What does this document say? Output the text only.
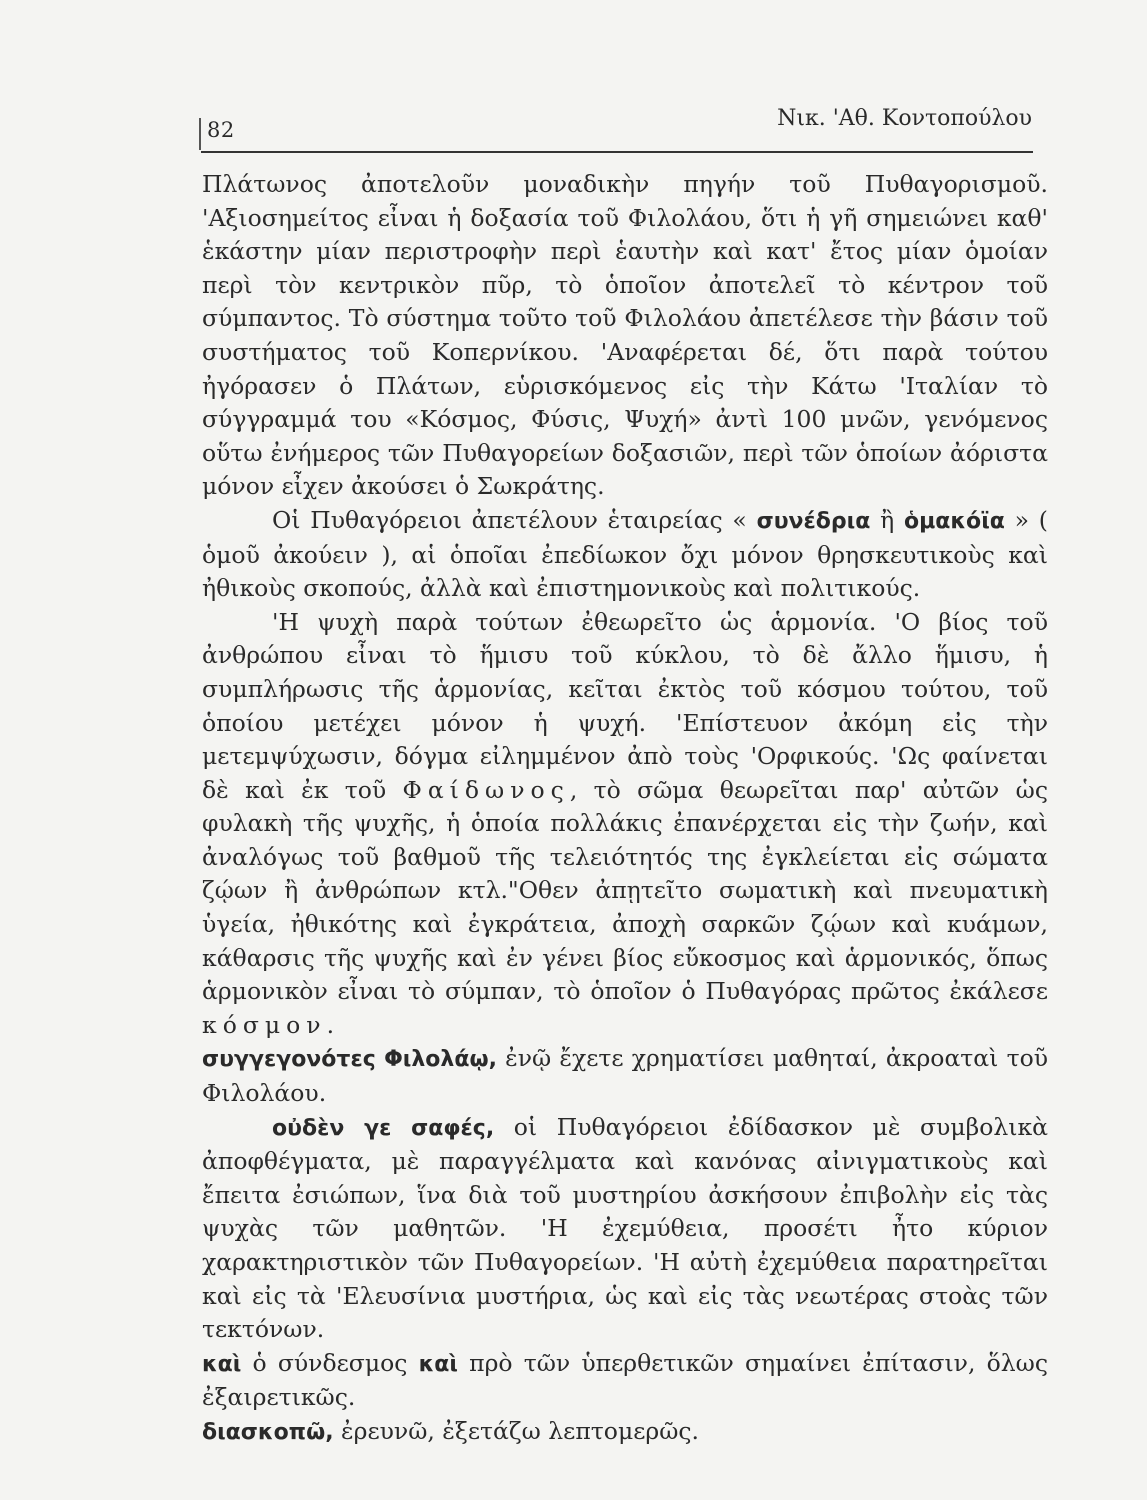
82	Νικ. 'Αθ. Κοντοπούλου

Πλάτωνος ἀποτελοῦν μοναδικὴν πηγήν τοῦ Πυθαγορισμοῦ. 'Αξιοσημείτος εἶναι ἡ δοξασία τοῦ Φιλολάου, ὅτι ἡ γῆ σημειώνει καθ' ἑκάστην μίαν περιστροφὴν περὶ ἑαυτὴν καὶ κατ' ἔτος μίαν ὁμοίαν περὶ τὸν κεντρικὸν πῦρ, τὸ ὁποῖον ἀποτελεῖ τὸ κέντρον τοῦ σύμπαντος. Τὸ σύστημα τοῦτο τοῦ Φιλολάου ἀπετέλεσε τὴν βάσιν τοῦ συστήματος τοῦ Κοπερνίκου. 'Αναφέρεται δέ, ὅτι παρὰ τούτου ἠγόρασεν ὁ Πλάτων, εὑρισκόμενος εἰς τὴν Κάτω 'Ιταλίαν τὸ σύγγραμμά του «Κόσμος, Φύσις, Ψυχή» ἀντὶ 100 μνῶν, γενόμενος οὕτω ἐνήμερος τῶν Πυθαγορείων δοξασιῶν, περὶ τῶν ὁποίων ἀόριστα μόνον εἶχεν ἀκούσει ὁ Σωκράτης.

Οἱ Πυθαγόρειοι ἀπετέλουν ἑταιρείας « συνέδρια ἢ ὁμακόϊα » ( ὁμοῦ ἀκούειν ), αἱ ὁποῖαι ἐπεδίωκον ὄχι μόνον θρησκευτικοὺς καὶ ἠθικοὺς σκοπούς, ἀλλὰ καὶ ἐπιστημονικοὺς καὶ πολιτικούς.

'Η ψυχὴ παρὰ τούτων ἐθεωρεῖτο ὡς ἁρμονία. 'Ο βίος τοῦ ἀνθρώπου εἶναι τὸ ἥμισυ τοῦ κύκλου, τὸ δὲ ἄλλο ἥμισυ, ἡ συμπλήρωσις τῆς ἁρμονίας, κεῖται ἐκτὸς τοῦ κόσμου τούτου, τοῦ ὁποίου μετέχει μόνον ἡ ψυχή. 'Επίστευον ἀκόμη εἰς τὴν μετεμψύχωσιν, δόγμα εἰλημμένον ἀπὸ τοὺς 'Ορφικούς. 'Ως φαίνεται δὲ καὶ ἐκ τοῦ Φαίδωνος, τὸ σῶμα θεωρεῖται παρ' αὐτῶν ὡς φυλακὴ τῆς ψυχῆς, ἡ ὁποία πολλάκις ἐπανέρχεται εἰς τὴν ζωήν, καὶ ἀναλόγως τοῦ βαθμοῦ τῆς τελειότητός της ἐγκλείεται εἰς σώματα ζῴων ἢ ἀνθρώπων κτλ."Οθεν ἀπῃτεῖτο σωματικὴ καὶ πνευματικὴ ὑγεία, ἠθικότης καὶ ἐγκράτεια, ἀποχὴ σαρκῶν ζῴων καὶ κυάμων, κάθαρσις τῆς ψυχῆς καὶ ἐν γένει βίος εὔκοσμος καὶ ἁρμονικός, ὅπως ἁρμονικὸν εἶναι τὸ σύμπαν, τὸ ὁποῖον ὁ Πυθαγόρας πρῶτος ἐκάλεσε κόσμον.

συγγεγονότες Φιλολάῳ, ἐνῷ ἔχετε χρηματίσει μαθηταί, ἀκροαταὶ τοῦ Φιλολάου.

οὐδὲν γε σαφές, οἱ Πυθαγόρειοι ἐδίδασκον μὲ συμβολικὰ ἀποφθέγματα, μὲ παραγγέλματα καὶ κανόνας αἰνιγματικοὺς καὶ ἔπειτα ἐσιώπων, ἵνα διὰ τοῦ μυστηρίου ἀσκήσουν ἐπιβολὴν εἰς τὰς ψυχὰς τῶν μαθητῶν. 'Η ἐχεμύθεια, προσέτι ἦτο κύριον χαρακτηριστικὸν τῶν Πυθαγορείων. 'Η αὐτὴ ἐχεμύθεια παρατηρεῖται καὶ εἰς τὰ 'Ελευσίνια μυστήρια, ὡς καὶ εἰς τὰς νεωτέρας στοὰς τῶν τεκτόνων.

καὶ ὁ σύνδεσμος καὶ πρὸ τῶν ὑπερθετικῶν σημαίνει ἐπίτασιν, ὅλως ἐξαιρετικῶς.

διασκοπῶ, ἐρευνῶ, ἐξετάζω λεπτομερῶς.
